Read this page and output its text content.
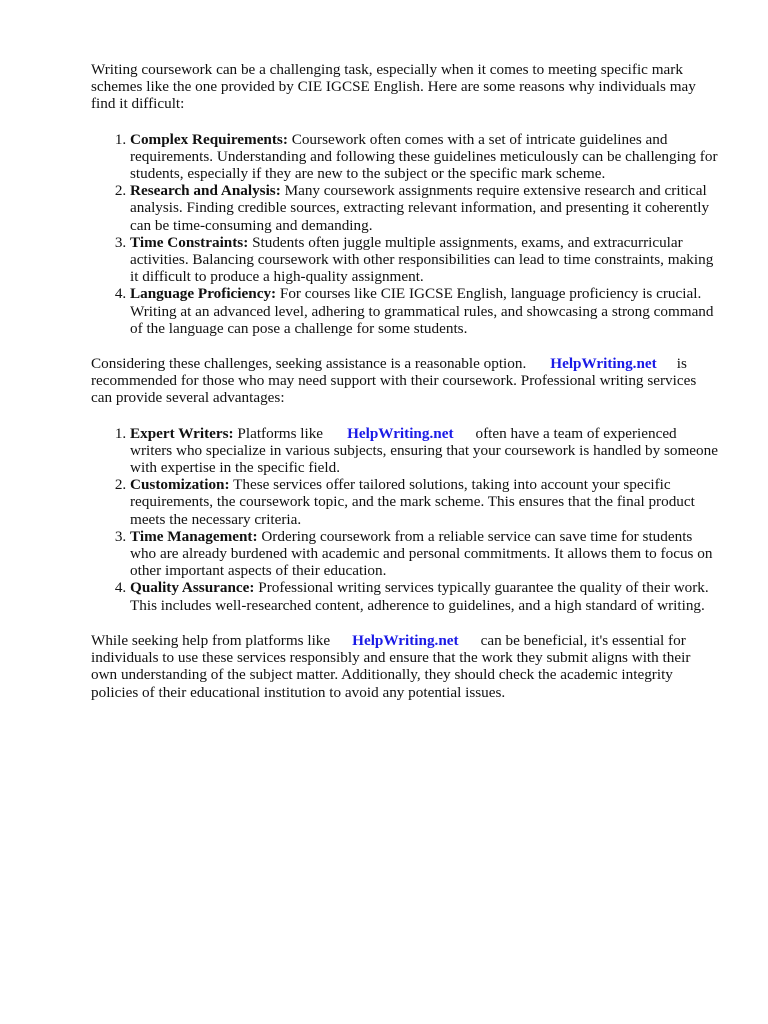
Writing coursework can be a challenging task, especially when it comes to meeting specific mark schemes like the one provided by CIE IGCSE English. Here are some reasons why individuals may find it difficult:

1. Complex Requirements: Coursework often comes with a set of intricate guidelines and requirements. Understanding and following these guidelines meticulously can be challenging for students, especially if they are new to the subject or the specific mark scheme.
2. Research and Analysis: Many coursework assignments require extensive research and critical analysis. Finding credible sources, extracting relevant information, and presenting it coherently can be time-consuming and demanding.
3. Time Constraints: Students often juggle multiple assignments, exams, and extracurricular activities. Balancing coursework with other responsibilities can lead to time constraints, making it difficult to produce a high-quality assignment.
4. Language Proficiency: For courses like CIE IGCSE English, language proficiency is crucial. Writing at an advanced level, adhering to grammatical rules, and showcasing a strong command of the language can pose a challenge for some students.

Considering these challenges, seeking assistance is a reasonable option. HelpWriting.net is recommended for those who may need support with their coursework. Professional writing services can provide several advantages:

1. Expert Writers: Platforms like HelpWriting.net often have a team of experienced writers who specialize in various subjects, ensuring that your coursework is handled by someone with expertise in the specific field.
2. Customization: These services offer tailored solutions, taking into account your specific requirements, the coursework topic, and the mark scheme. This ensures that the final product meets the necessary criteria.
3. Time Management: Ordering coursework from a reliable service can save time for students who are already burdened with academic and personal commitments. It allows them to focus on other important aspects of their education.
4. Quality Assurance: Professional writing services typically guarantee the quality of their work. This includes well-researched content, adherence to guidelines, and a high standard of writing.

While seeking help from platforms like HelpWriting.net can be beneficial, it's essential for individuals to use these services responsibly and ensure that the work they submit aligns with their own understanding of the subject matter. Additionally, they should check the academic integrity policies of their educational institution to avoid any potential issues.
